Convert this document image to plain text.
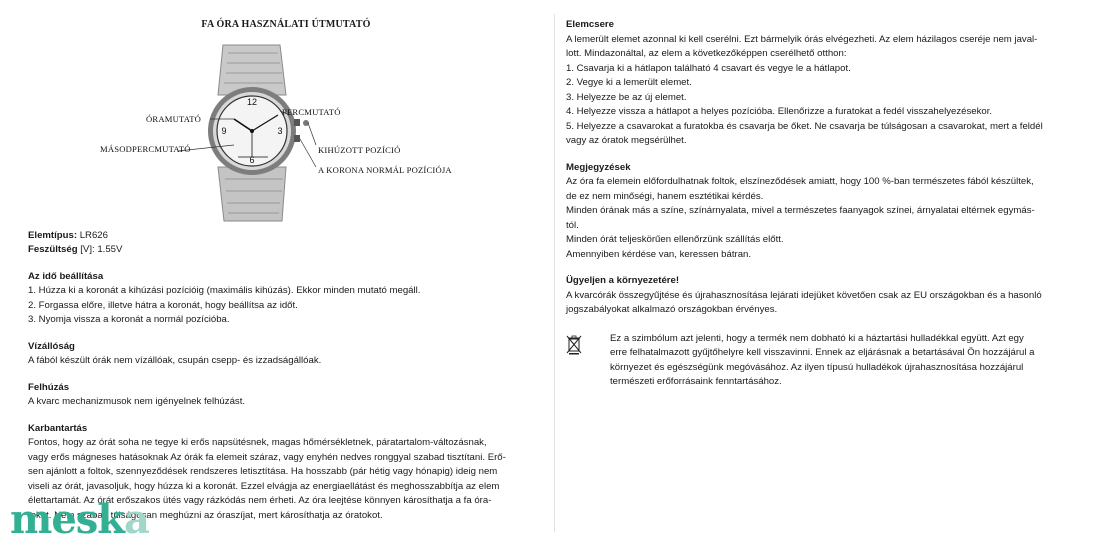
FA ÓRA HASZNÁLATI ÚTMUTATÓ
12
3
6
9
ÓRAMUTATÓ
PERCMUTATÓ
MÁSODPERCMUTATÓ	KIHÚZOTT POZÍCIÓ
A KORONA NORMÁL POZÍCIÓJA
Elemtípus: LR626
Feszültség [V]: 1.55V
Az idő beállítása
1. Húzza ki a koronát a kihúzási pozícióig (maximális kihúzás). Ekkor minden mutató megáll.
2. Forgassa előre, illetve hátra a koronát, hogy beállítsa az időt.
3. Nyomja vissza a koronát a normál pozícióba.
Vízállóság
A fából készült órák nem vízállóak, csupán csepp- és izzadságállóak.
Felhúzás
A kvarc mechanizmusok nem igényelnek felhúzást.
Karbantartás
Fontos, hogy az órát soha ne tegye ki erős napsütésnek, magas hőmérsékletnek, páratartalom-változásnak,
vagy erős mágneses hatásoknak Az órák fa elemeit száraz, vagy enyhén nedves ronggyal szabad tisztítani. Erő-
sen ajánlott a foltok, szennyeződések rendszeres letisztítása. Ha hosszabb (pár hétig vagy hónapig) ideig nem
viseli az órát, javasoljuk, hogy húzza ki a koronát. Ezzel elvágja az energiaellátást és meghosszabbítja az elem
élettartamát. Az órát erőszakos ütés vagy rázkódás nem érheti. Az óra leejtése könnyen károsíthatja a fa óra-
tokot. Nem szabad túlságosan meghúzni az óraszíjat, mert károsíthatja az óratokot.
Elemcsere
A lemerült elemet azonnal ki kell cserélni. Ezt bármelyik órás elvégezheti. Az elem házilagos cseréje nem javal-
lott. Mindazonáltal, az elem a következőképpen cserélhető otthon:
1. Csavarja ki a hátlapon található 4 csavart és vegye le a hátlapot.
2. Vegye ki a lemerült elemet.
3. Helyezze be az új elemet.
4. Helyezze vissza a hátlapot a helyes pozícióba. Ellenőrizze a furatokat a fedél visszahelyezésekor.
5. Helyezze a csavarokat a furatokba és csavarja be őket. Ne csavarja be túlságosan a csavarokat, mert a feldél
vagy az óratok megsérülhet.
Megjegyzések
Az óra fa elemein előfordulhatnak foltok, elszíneződések amiatt, hogy 100 %-ban természetes fából készültek,
de ez nem minőségi, hanem esztétikai kérdés.
Minden órának más a színe, színárnyalata, mivel a természetes faanyagok színei, árnyalatai eltérnek egymás-
tól.
Minden órát teljeskörűen ellenőrzünk szállítás előtt.
Amennyiben kérdése van, keressen bátran.
Ügyeljen a környezetére!
A kvarcórák összegyűjtése és újrahasznosítása lejárati idejüket követően csak az EU országokban és a hasonló
jogszabályokat alkalmazó országokban érvényes.
Ez a szimbólum azt jelenti, hogy a termék nem dobható ki a háztartási hulladékkal együtt. Azt egy
erre felhatalmazott gyűjtőhelyre kell visszavinni. Ennek az eljárásnak a betartásával Ön hozzájárul a
környezet és egészségünk megóvásához. Az ilyen típusú hulladékok újrahasznosítása hozzájárul
természeti erőforrásaink fenntartásához.
meska
